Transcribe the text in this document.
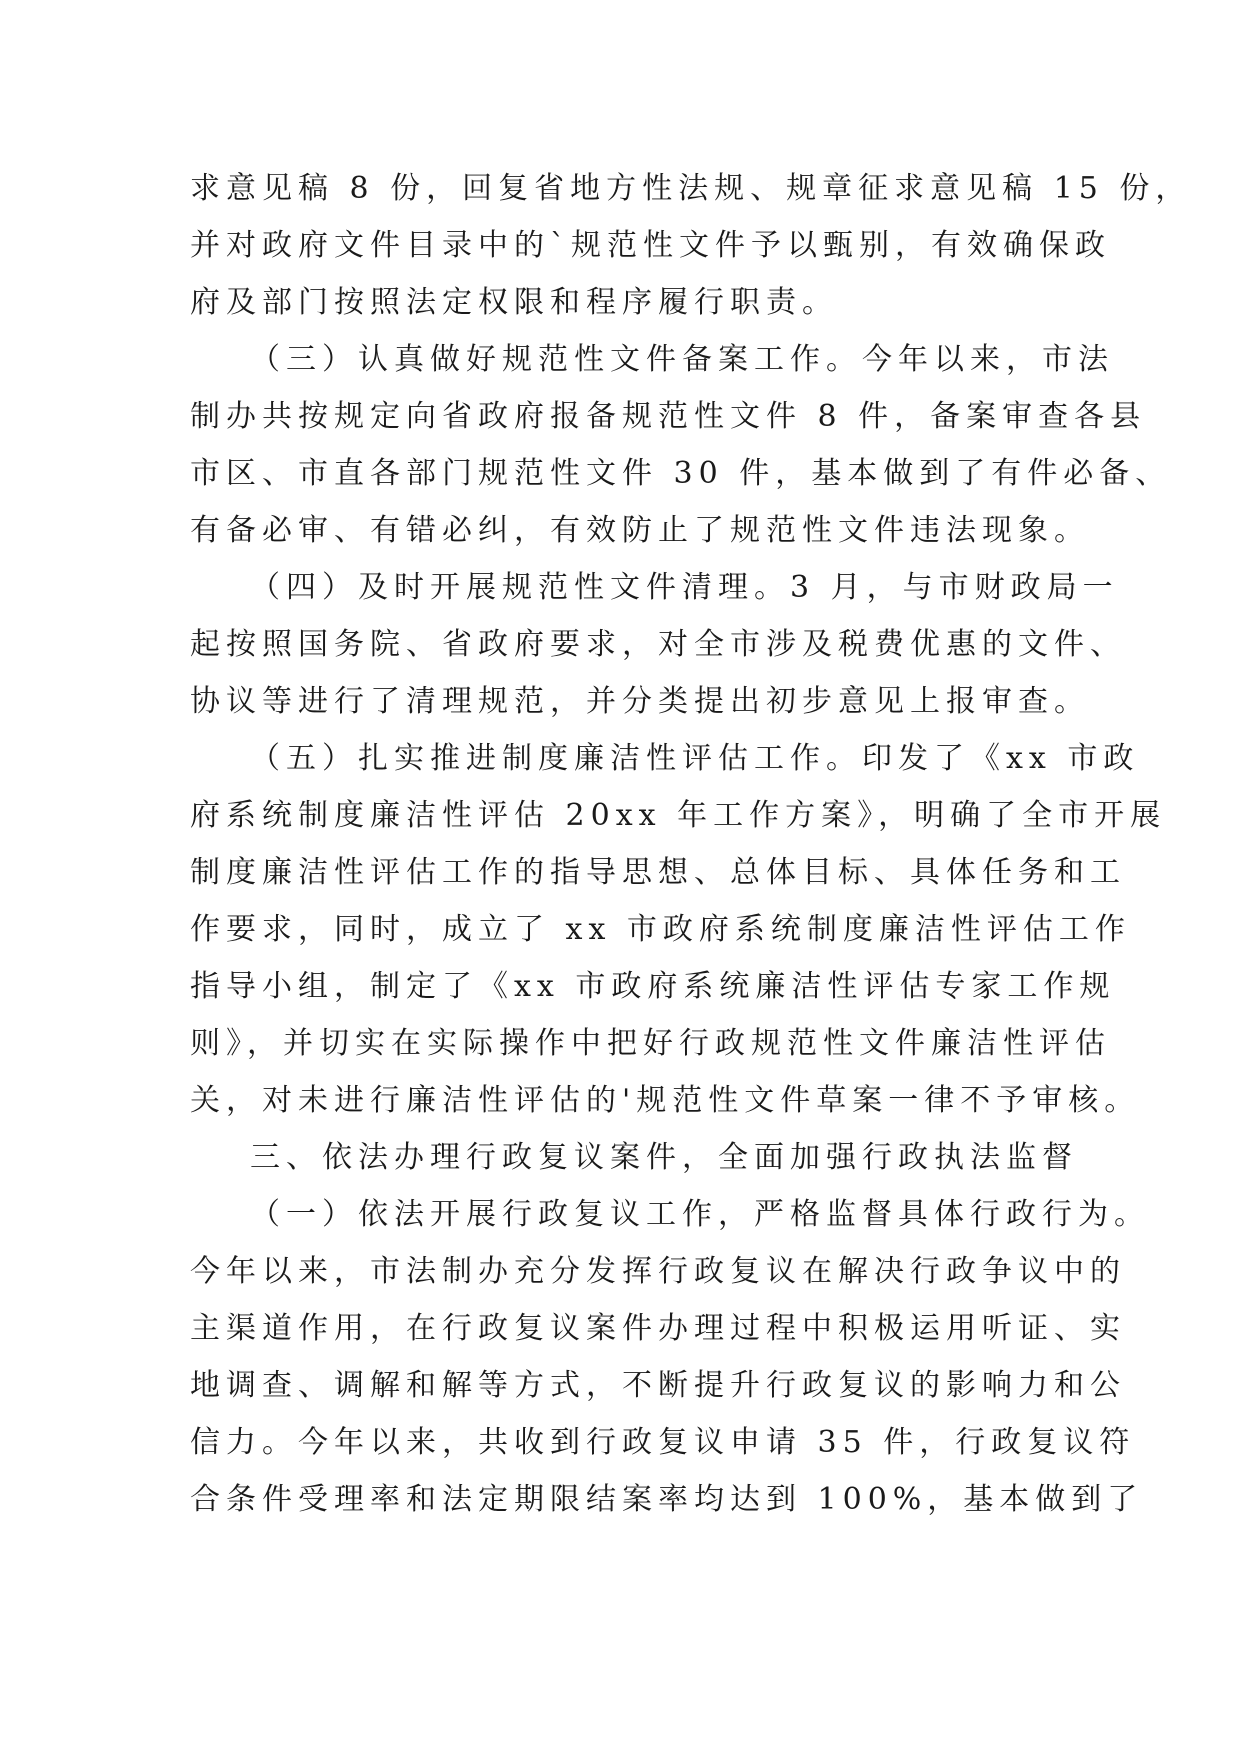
求意见稿 8 份，回复省地方性法规、规章征求意见稿 15 份，
并对政府文件目录中的`规范性文件予以甄别，有效确保政
府及部门按照法定权限和程序履行职责。
（三）认真做好规范性文件备案工作。今年以来，市法
制办共按规定向省政府报备规范性文件 8 件，备案审查各县
市区、市直各部门规范性文件 30 件，基本做到了有件必备、
有备必审、有错必纠，有效防止了规范性文件违法现象。
（四）及时开展规范性文件清理。3 月，与市财政局一
起按照国务院、省政府要求，对全市涉及税费优惠的文件、
协议等进行了清理规范，并分类提出初步意见上报审查。
（五）扎实推进制度廉洁性评估工作。印发了《xx 市政
府系统制度廉洁性评估 20xx 年工作方案》，明确了全市开展
制度廉洁性评估工作的指导思想、总体目标、具体任务和工
作要求，同时，成立了 xx 市政府系统制度廉洁性评估工作
指导小组，制定了《xx 市政府系统廉洁性评估专家工作规
则》，并切实在实际操作中把好行政规范性文件廉洁性评估
关，对未进行廉洁性评估的'规范性文件草案一律不予审核。
三、依法办理行政复议案件，全面加强行政执法监督
（一）依法开展行政复议工作，严格监督具体行政行为。
今年以来，市法制办充分发挥行政复议在解决行政争议中的
主渠道作用，在行政复议案件办理过程中积极运用听证、实
地调查、调解和解等方式，不断提升行政复议的影响力和公
信力。今年以来，共收到行政复议申请 35 件，行政复议符
合条件受理率和法定期限结案率均达到 100%，基本做到了
